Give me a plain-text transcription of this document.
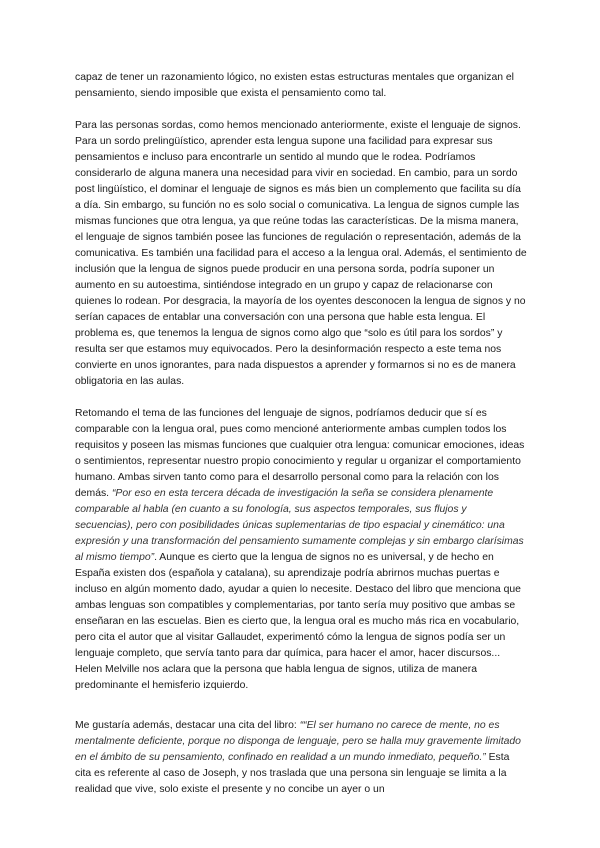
capaz de tener un razonamiento lógico, no existen estas estructuras mentales que organizan el pensamiento, siendo imposible que exista el pensamiento como tal.

Para las personas sordas, como hemos mencionado anteriormente, existe el lenguaje de signos. Para un sordo prelingüístico, aprender esta lengua supone una facilidad para expresar sus pensamientos e incluso para encontrarle un sentido al mundo que le rodea. Podríamos considerarlo de alguna manera una necesidad para vivir en sociedad. En cambio, para un sordo post lingüístico, el dominar el lenguaje de signos es más bien un complemento que facilita su día a día. Sin embargo, su función no es solo social o comunicativa. La lengua de signos cumple las mismas funciones que otra lengua, ya que reúne todas las características. De la misma manera, el lenguaje de signos también posee las funciones de regulación o representación, además de la comunicativa. Es también una facilidad para el acceso a la lengua oral. Además, el sentimiento de inclusión que la lengua de signos puede producir en una persona sorda, podría suponer un aumento en su autoestima, sintiéndose integrado en un grupo y capaz de relacionarse con quienes lo rodean. Por desgracia, la mayoría de los oyentes desconocen la lengua de signos y no serían capaces de entablar una conversación con una persona que hable esta lengua. El problema es, que tenemos la lengua de signos como algo que “solo es útil para los sordos” y resulta ser que estamos muy equivocados. Pero la desinformación respecto a este tema nos convierte en unos ignorantes, para nada dispuestos a aprender y formarnos si no es de manera obligatoria en las aulas.

Retomando el tema de las funciones del lenguaje de signos, podríamos deducir que sí es comparable con la lengua oral, pues como mencioné anteriormente ambas cumplen todos los requisitos y poseen las mismas funciones que cualquier otra lengua: comunicar emociones, ideas o sentimientos, representar nuestro propio conocimiento y regular u organizar el comportamiento humano. Ambas sirven tanto como para el desarrollo personal como para la relación con los demás. “Por eso en esta tercera década de investigación la seña se considera plenamente comparable al habla (en cuanto a su fonología, sus aspectos temporales, sus flujos y secuencias), pero con posibilidades únicas suplementarias de tipo espacial y cinemático: una expresión y una transformación del pensamiento sumamente complejas y sin embargo clarísimas al mismo tiempo”. Aunque es cierto que la lengua de signos no es universal, y de hecho en España existen dos (española y catalana), su aprendizaje podría abrirnos muchas puertas e incluso en algún momento dado, ayudar a quien lo necesite. Destaco del libro que menciona que ambas lenguas son compatibles y complementarias, por tanto sería muy positivo que ambas se enseñaran en las escuelas. Bien es cierto que, la lengua oral es mucho más rica en vocabulario, pero cita el autor que al visitar Gallaudet, experimentó cómo la lengua de signos podía ser un lenguaje completo, que servía tanto para dar química, para hacer el amor, hacer discursos... Helen Melville nos aclara que la persona que habla lengua de signos, utiliza de manera predominante el hemisferio izquierdo.

Me gustaría además, destacar una cita del libro: ““El ser humano no carece de mente, no es mentalmente deficiente, porque no disponga de lenguaje, pero se halla muy gravemente limitado en el ámbito de su pensamiento, confinado en realidad a un mundo inmediato, pequeño.” Esta cita es referente al caso de Joseph, y nos traslada que una persona sin lenguaje se limita a la realidad que vive, solo existe el presente y no concibe un ayer o un
